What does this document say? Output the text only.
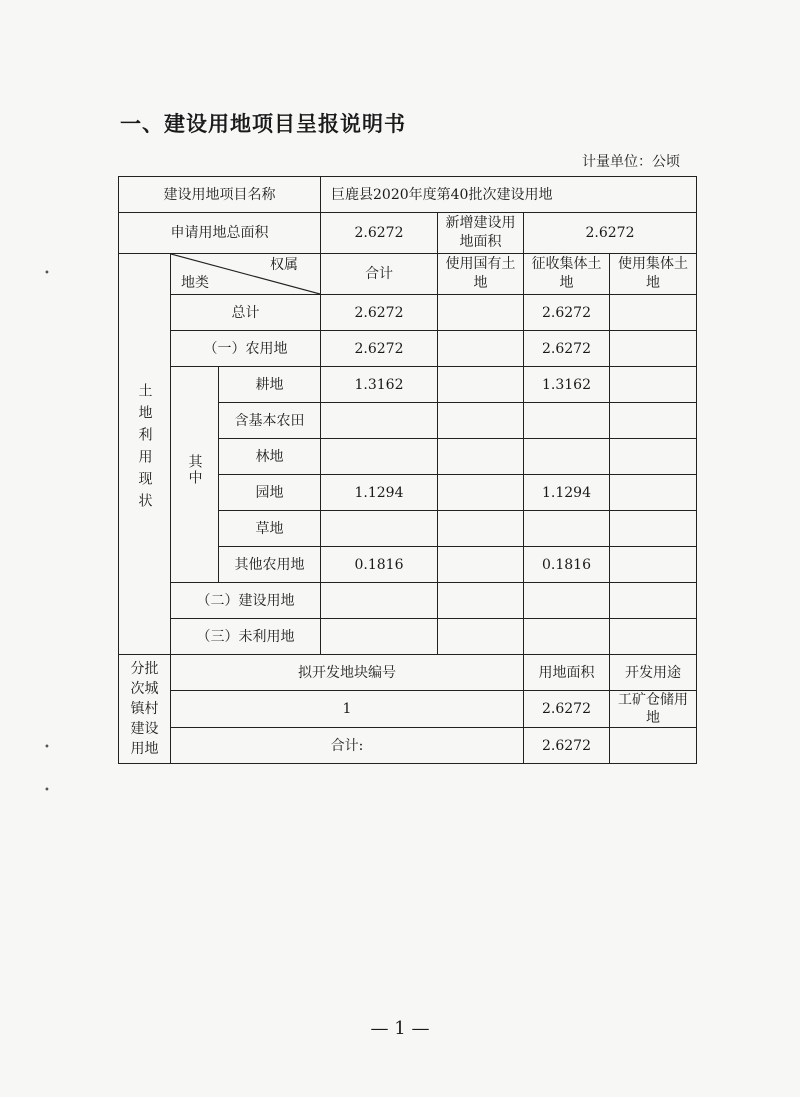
一、建设用地项目呈报说明书
计量单位：公顷
建设用地项目名称			巨鹿县2020年度第40批次建设用地			
申请用地总面积			2.6272	新增建设用地面积	2.6272	
土地利用现状	权属
地类		合计	使用国有土地	征收集体土地	使用集体土地
	总计		2.6272		2.6272	
	（一）农用地		2.6272		2.6272	
	其中	耕地	1.3162		1.3162	
		含基本农田				
		林地				
		园地	1.1294		1.1294	
		草地				
		其他农用地	0.1816		0.1816	
	（二）建设用地					
	（三）未利用地					
分批次城镇村建设用地	拟开发地块编号				用地面积	开发用途
	1				2.6272	工矿仓储用地
	合计:				2.6272	
•
•
•
— 1 —
